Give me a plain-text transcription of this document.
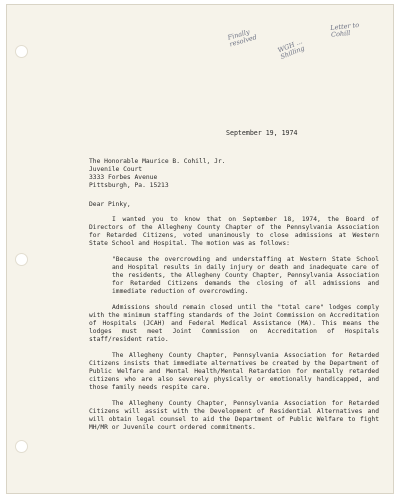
Finally resolved	WGH ... Shilling
Letter to Cohill
September 19, 1974
The Honorable Maurice B. Cohill, Jr.
Juvenile Court
3333 Forbes Avenue
Pittsburgh, Pa. 15213
Dear Pinky,

I wanted you to know that on September 18, 1974, the Board of Directors of the Allegheny County Chapter of the Pennsylvania Association for Retarded Citizens, voted unanimously to close admissions at Western State School and Hospital. The motion was as follows:

"Because the overcrowding and understaffing at Western State School and Hospital results in daily injury or death and inadequate care of the residents, the Allegheny County Chapter, Pennsylvania Association for Retarded Citizens demands the closing of all admissions and immediate reduction of overcrowding.

Admissions should remain closed until the "total care" lodges comply with the minimum staffing standards of the Joint Commission on Accreditation of Hospitals (JCAH) and Federal Medical Assistance (MA). This means the lodges must meet Joint Commission on Accreditation of Hospitals staff/resident ratio.

The Allegheny County Chapter, Pennsylvania Association for Retarded Citizens insists that immediate alternatives be created by the Department of Public Welfare and Mental Health/Mental Retardation for mentally retarded citizens who are also severely physically or emotionally handicapped, and those family needs respite care.

The Allegheny County Chapter, Pennsylvania Association for Retarded Citizens will assist with the Development of Residential Alternatives and will obtain legal counsel to aid the Department of Public Welfare to fight MH/MR or Juvenile court ordered commitments.
